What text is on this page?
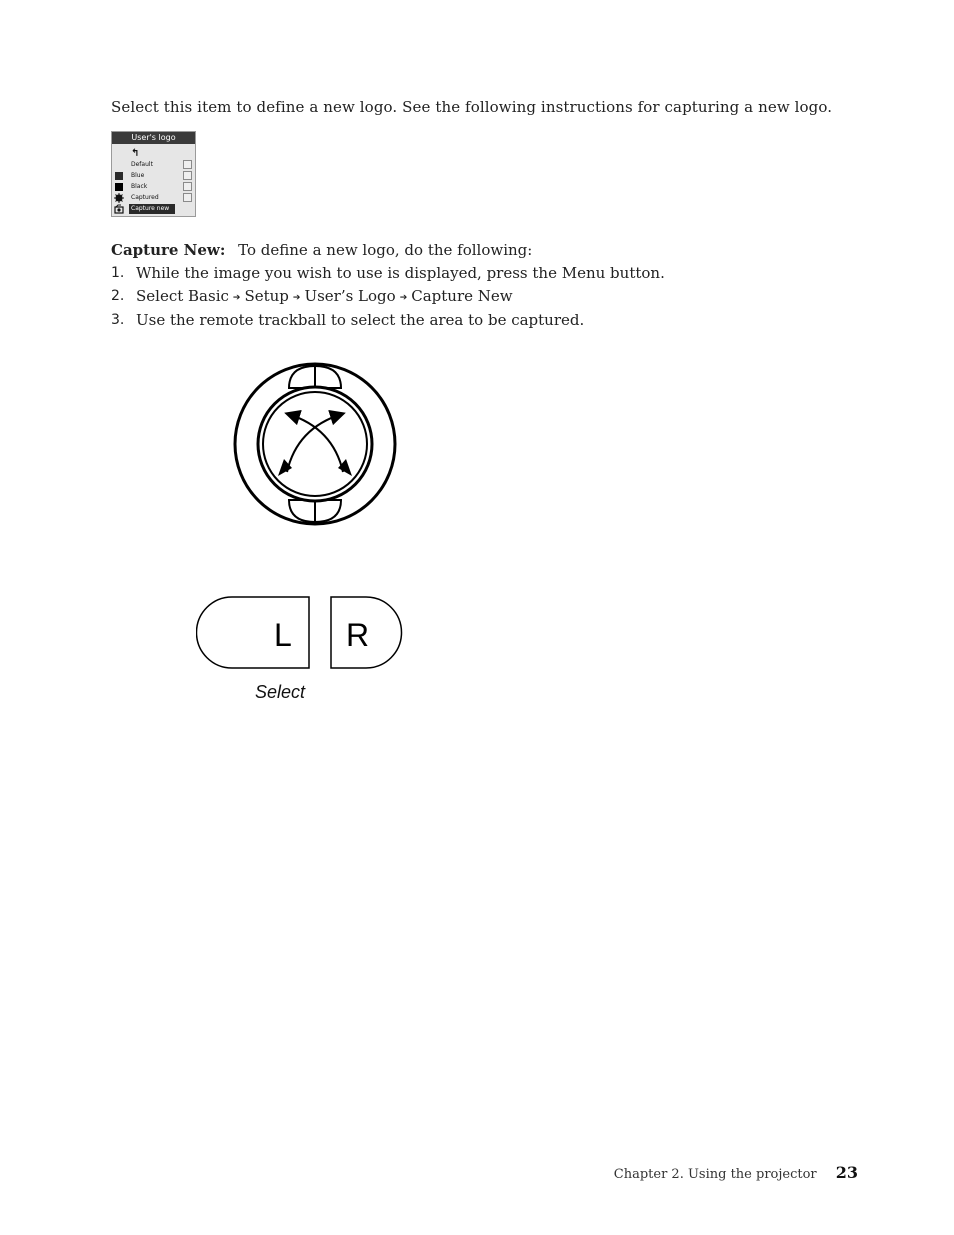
Select this item to define a new logo. See the following instructions for capturing a new logo.

User's logo
↰
Default
Blue
Black
Captured
Capture new
Capture New: To define a new logo, do the following:
1. While the image you wish to use is displayed, press the Menu button.
2. Select Basic ➔ Setup ➔ User’s Logo ➔ Capture New
3. Use the remote trackball to select the area to be captured.
L R
Select
Chapter 2. Using the projector 23
